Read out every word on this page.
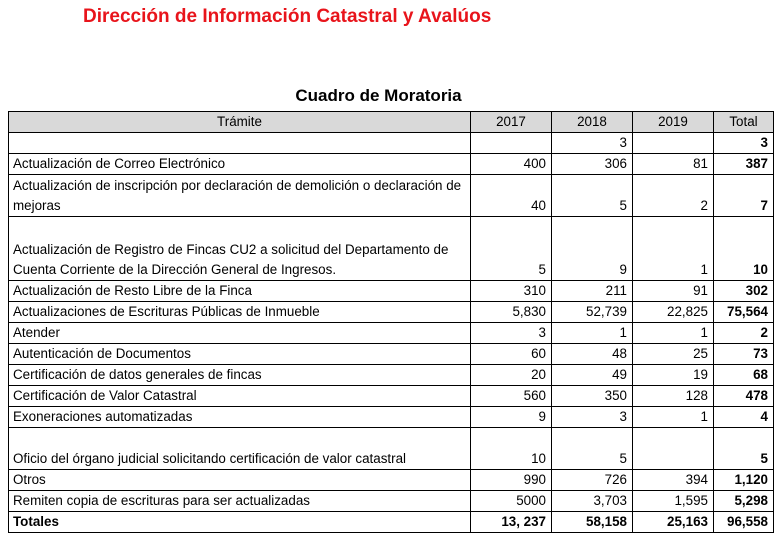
Dirección de Información Catastral y Avalúos
Cuadro de Moratoria
Trámite	2017	2018	2019	Total
		3		3
Actualización de Correo Electrónico	400	306	81	387
Actualización de inscripción por declaración de demolición o declaración de mejoras	40	5	2	7
Actualización de Registro de Fincas CU2 a solicitud del Departamento de Cuenta Corriente de la Dirección General de Ingresos.	5	9	1	10
Actualización de Resto Libre de la Finca	310	211	91	302
Actualizaciones de Escrituras Públicas de Inmueble	5,830	52,739	22,825	75,564
Atender	3	1	1	2
Autenticación de Documentos	60	48	25	73
Certificación de datos generales de fincas	20	49	19	68
Certificación de Valor Catastral	560	350	128	478
Exoneraciones automatizadas	9	3	1	4
Oficio del órgano judicial solicitando certificación de valor catastral	10	5		5
Otros	990	726	394	1,120
Remiten copia de escrituras para ser actualizadas	5000	3,703	1,595	5,298
Totales	13, 237	58,158	25,163	96,558
